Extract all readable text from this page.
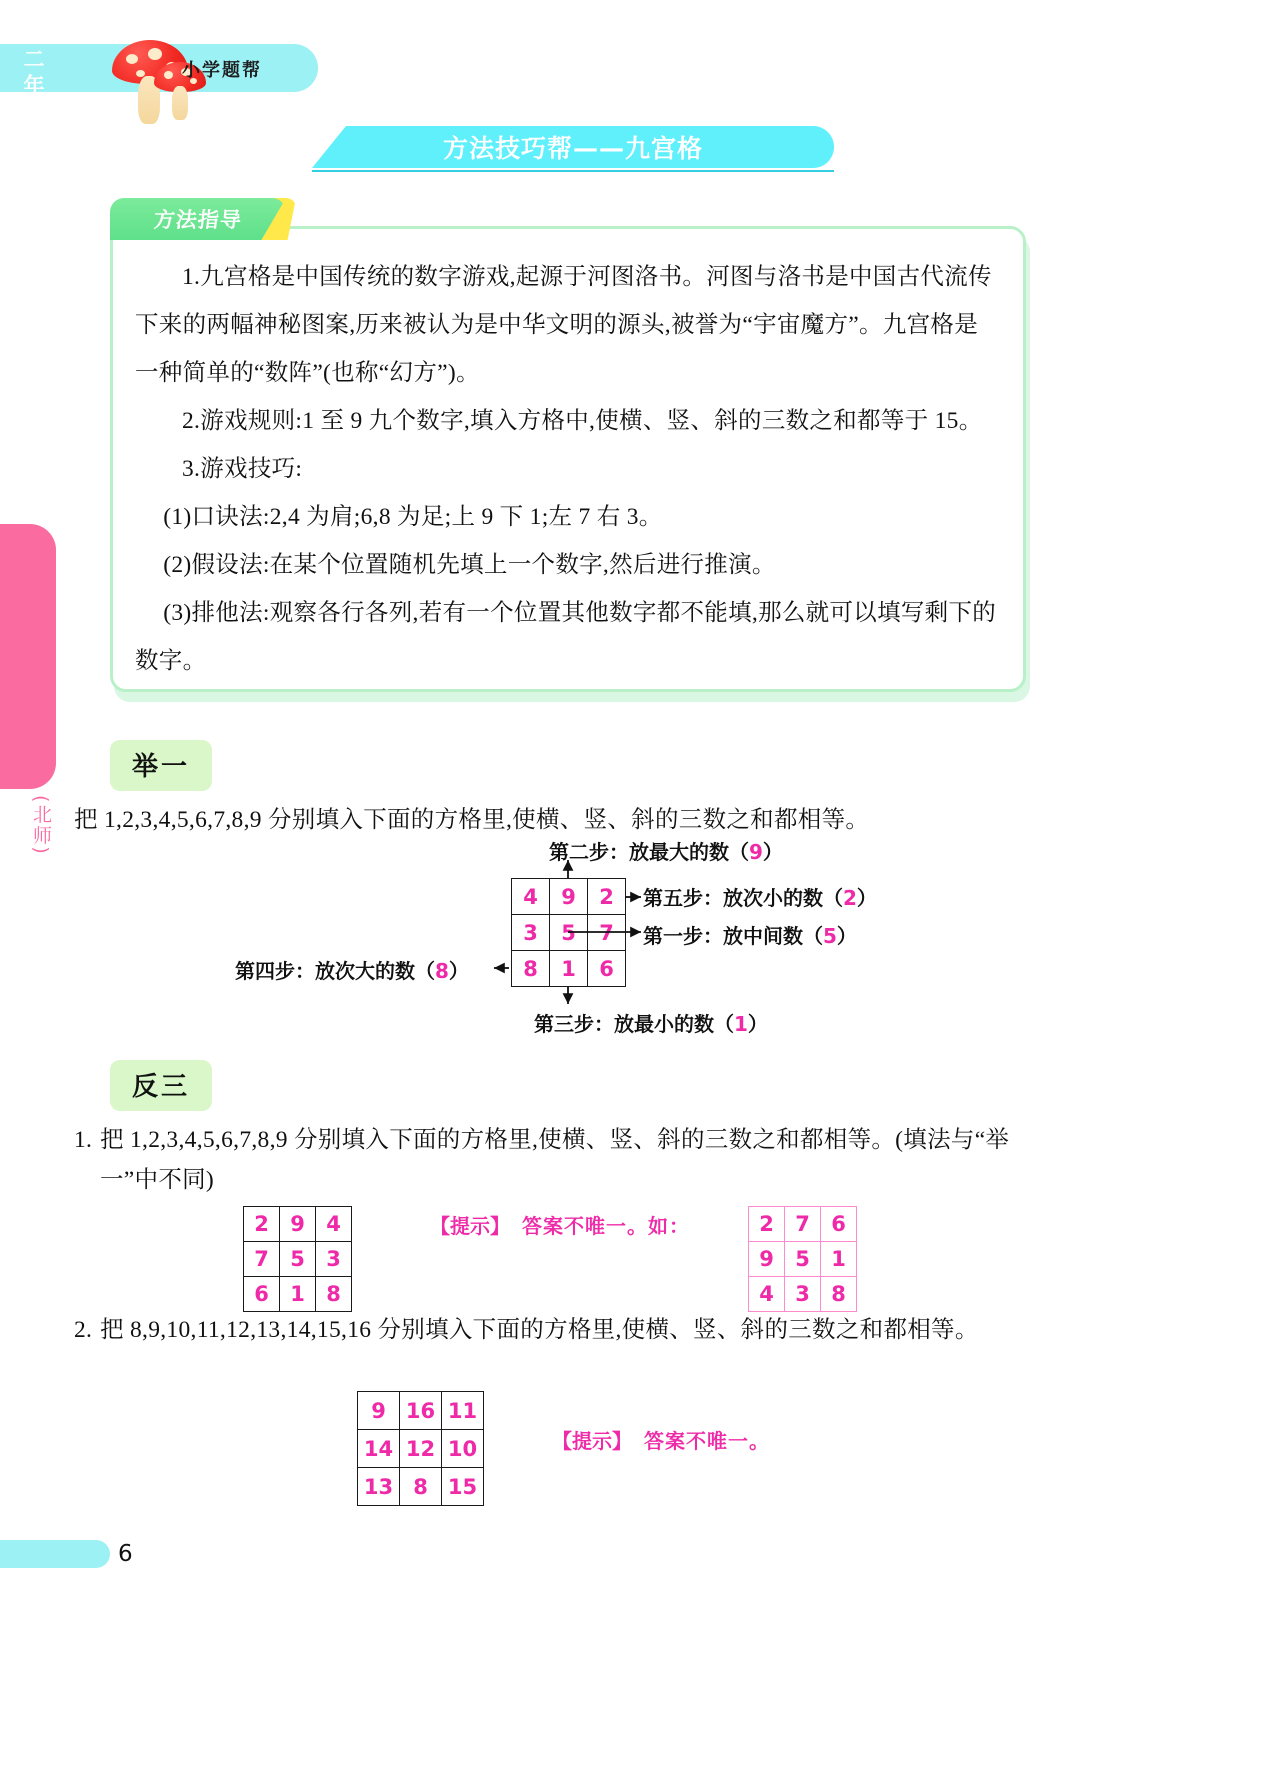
小学题帮
方法技巧帮——九宫格

1.九宫格是中国传统的数字游戏,起源于河图洛书。河图与洛书是中国古代流传下来的两幅神秘图案,历来被认为是中华文明的源头,被誉为“宇宙魔方”。九宫格是一种简单的“数阵”(也称“幻方”)。

2.游戏规则:1 至 9 九个数字,填入方格中,使横、竖、斜的三数之和都等于 15。

3.游戏技巧:

(1)口诀法:2,4 为肩;6,8 为足;上 9 下 1;左 7 右 3。

(2)假设法:在某个位置随机先填上一个数字,然后进行推演。

(3)排他法:观察各行各列,若有一个位置其他数字都不能填,那么就可以填写剩下的数字。

方法指导
二年级数学·上
(北师)
举一
把 1,2,3,4,5,6,7,8,9 分别填入下面的方格里,使横、竖、斜的三数之和都相等。
4	9	2
3	5	7
8	1	6
第二步：放最大的数（9）
第五步：放次小的数（2）
第一步：放中间数（5）
第四步：放次大的数（8）
第三步：放最小的数（1）
反三
1. 把 1,2,3,4,5,6,7,8,9 分别填入下面的方格里,使横、竖、斜的三数之和都相等。(填法与“举一”中不同)
2	9	4
7	5	3
6	1	8
【提示】 答案不唯一。如：	2	7	6
9	5	1
4	3	8
2. 把 8,9,10,11,12,13,14,15,16 分别填入下面的方格里,使横、竖、斜的三数之和都相等。
9 16 11
14 12 10
13 8 15
【提示】 答案不唯一。
6
